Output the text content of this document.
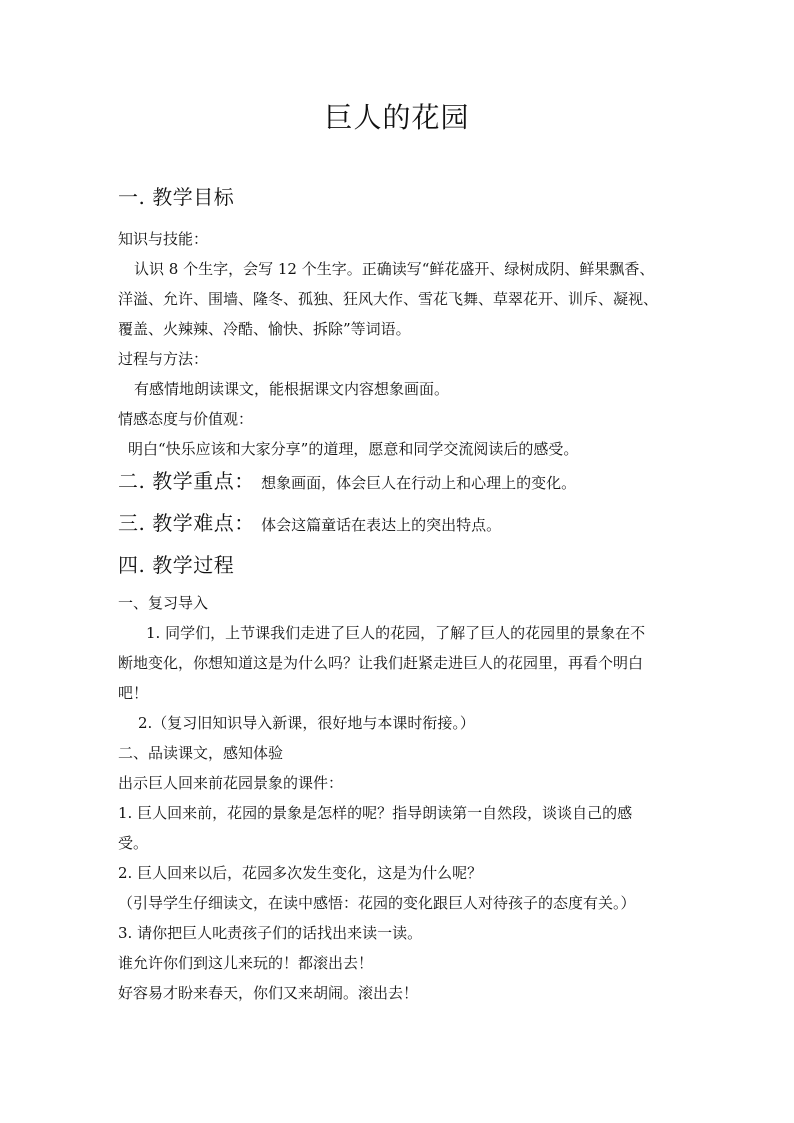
巨人的花园
一. 教学目标
知识与技能：
认识 8 个生字，会写 12 个生字。正确读写“鲜花盛开、绿树成阴、鲜果飘香、
洋溢、允许、围墙、隆冬、孤独、狂风大作、雪花飞舞、草翠花开、训斥、凝视、
覆盖、火辣辣、冷酷、愉快、拆除”等词语。
过程与方法：
有感情地朗读课文，能根据课文内容想象画面。
情感态度与价值观：
明白“快乐应该和大家分享”的道理，愿意和同学交流阅读后的感受。
二. 教学重点： 想象画面，体会巨人在行动上和心理上的变化。
三. 教学难点： 体会这篇童话在表达上的突出特点。
四. 教学过程
一、复习导入
1. 同学们，上节课我们走进了巨人的花园，了解了巨人的花园里的景象在不
断地变化，你想知道这是为什么吗？让我们赶紧走进巨人的花园里，再看个明白
吧！
2.（复习旧知识导入新课，很好地与本课时衔接。）
二、品读课文，感知体验
出示巨人回来前花园景象的课件：
1. 巨人回来前，花园的景象是怎样的呢？指导朗读第一自然段，谈谈自己的感
受。
2. 巨人回来以后，花园多次发生变化，这是为什么呢？
（引导学生仔细读文，在读中感悟：花园的变化跟巨人对待孩子的态度有关。）
3. 请你把巨人叱责孩子们的话找出来读一读。
谁允许你们到这儿来玩的！都滚出去！
好容易才盼来春天，你们又来胡闹。滚出去！
